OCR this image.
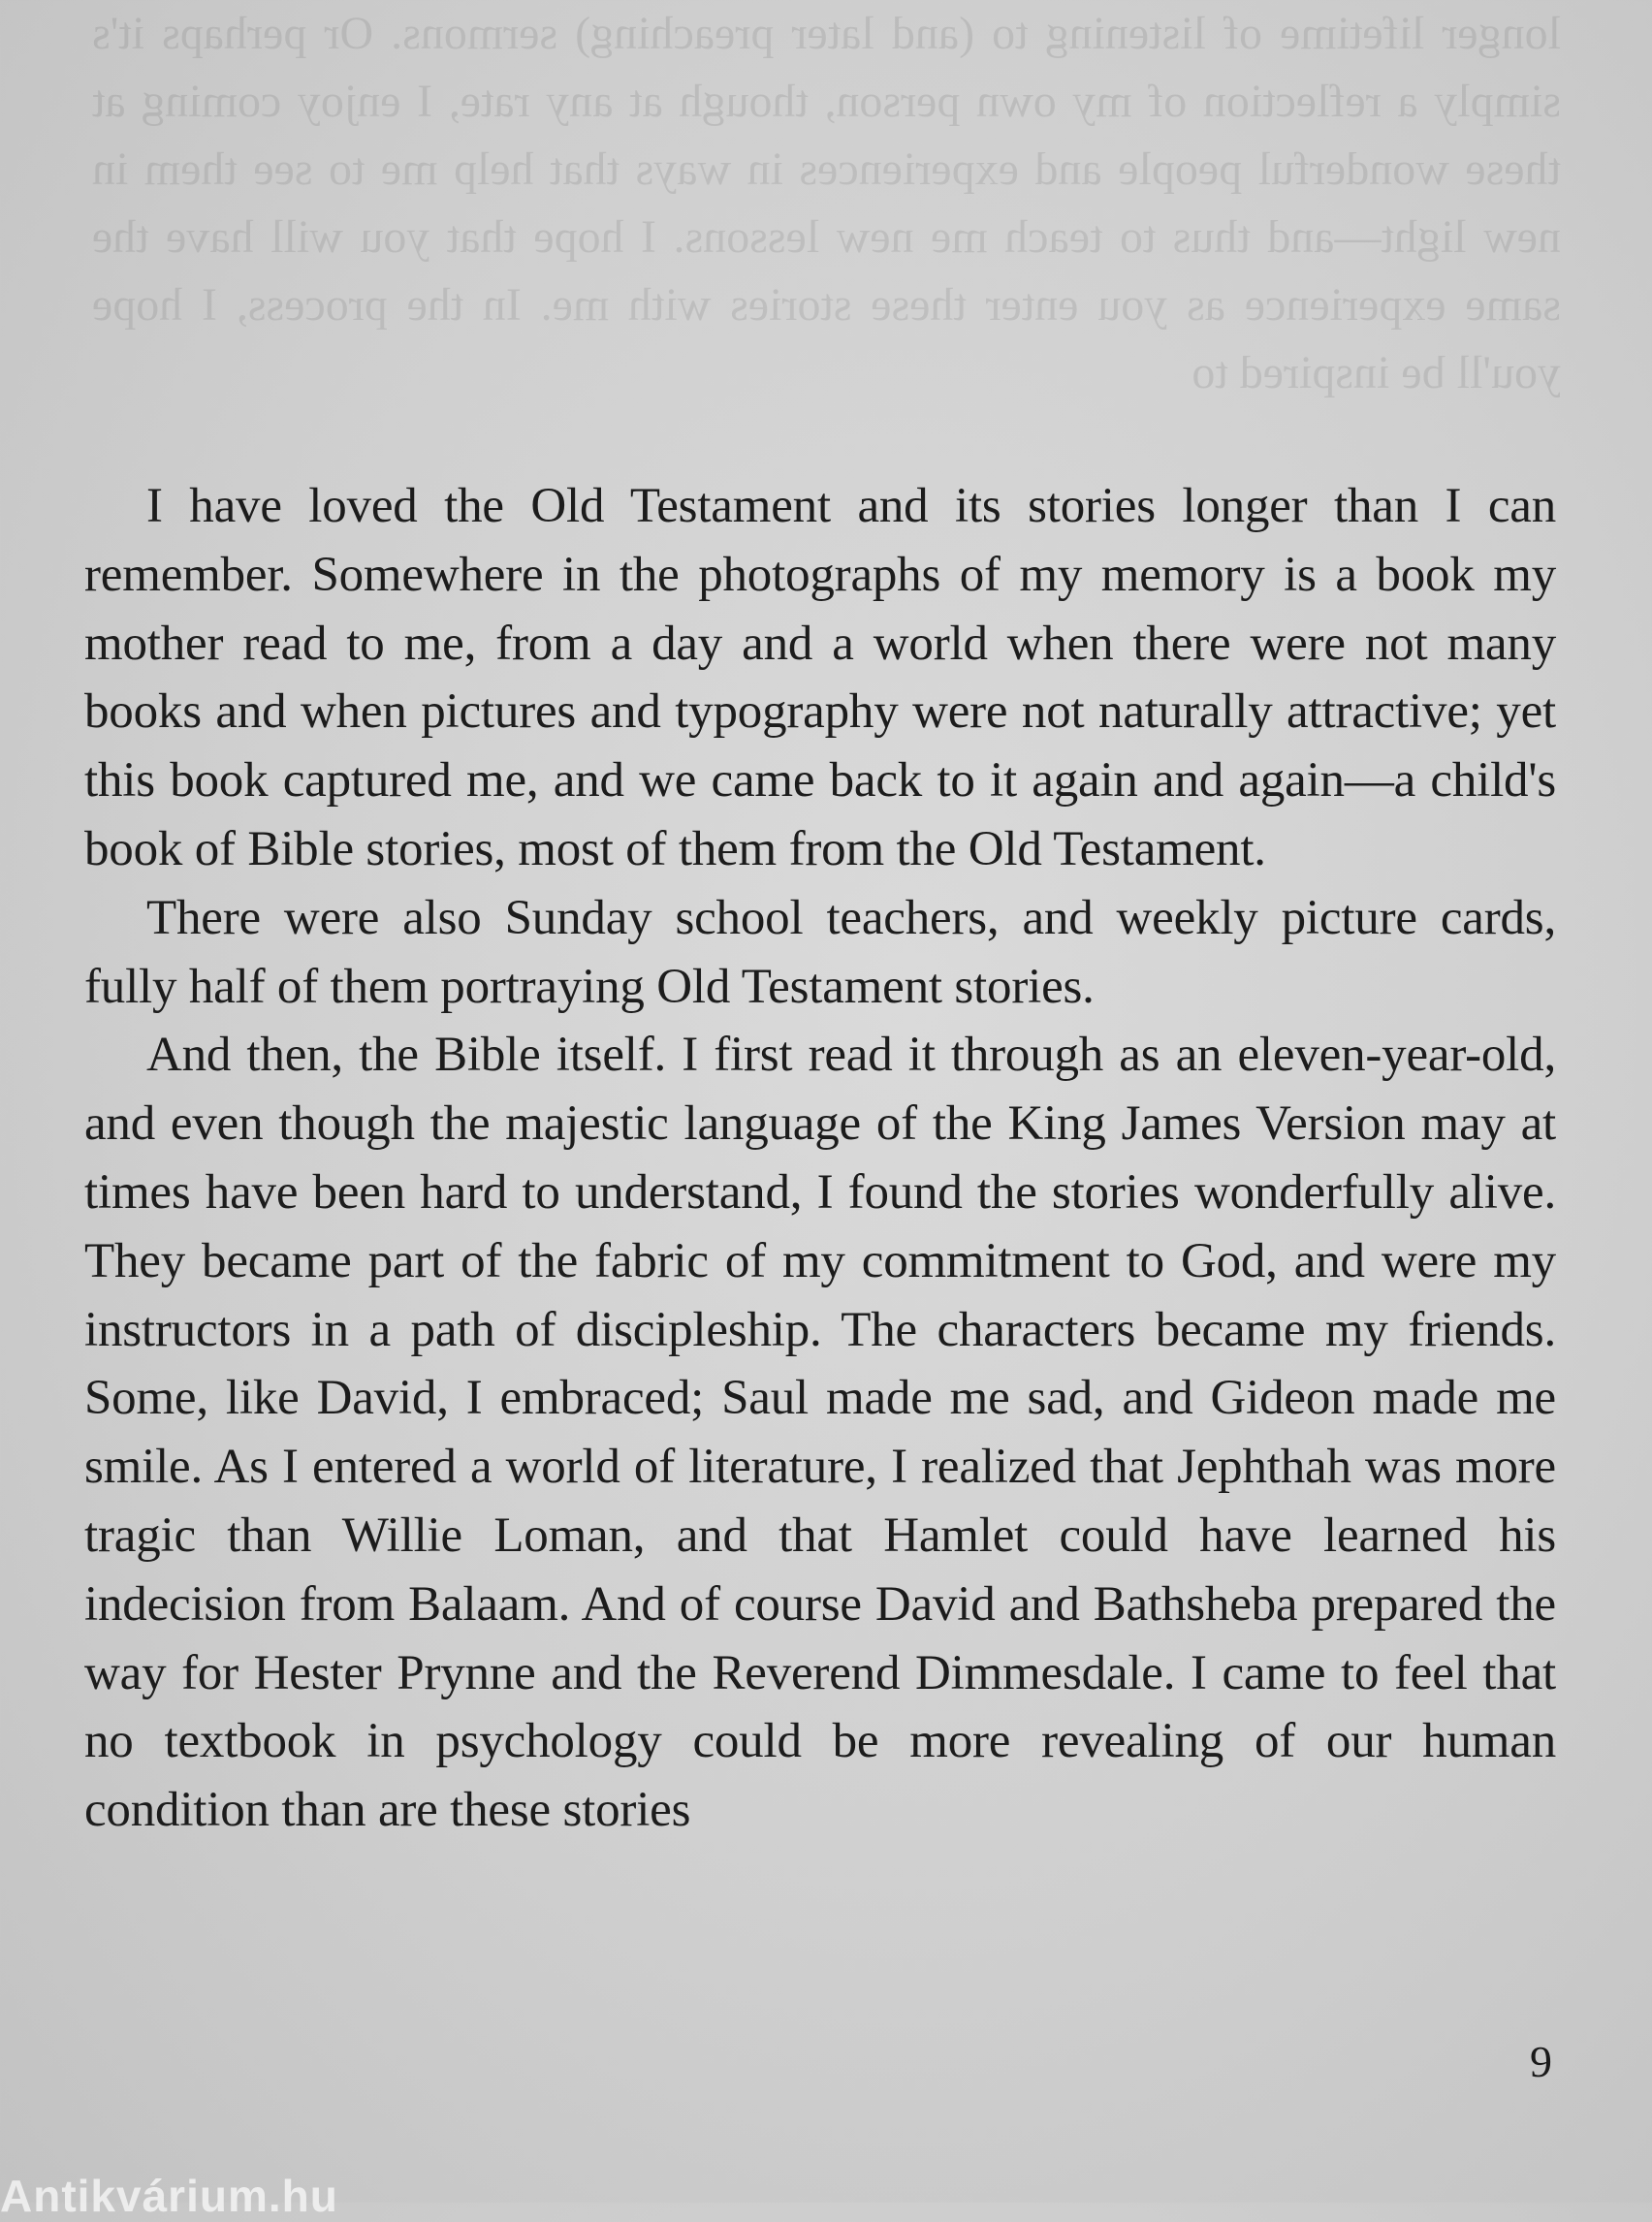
longer lifetime of listening to (and later preaching) sermons. Or perhaps it's simply a reflection of my own person, though at any rate, I enjoy coming at these wonderful people and experiences in ways that help me to see them in new light—and thus to teach me new lessons. I hope that you will have the same experience as you enter these stories with me. In the process, I hope you'll be inspired to

I have loved the Old Testament and its stories longer than I can remember. Somewhere in the photographs of my memory is a book my mother read to me, from a day and a world when there were not many books and when pictures and typography were not naturally attractive; yet this book captured me, and we came back to it again and again—a child's book of Bible stories, most of them from the Old Testament.

There were also Sunday school teachers, and weekly picture cards, fully half of them portraying Old Testament stories.

And then, the Bible itself. I first read it through as an eleven-year-old, and even though the majestic language of the King James Version may at times have been hard to understand, I found the stories wonderfully alive. They became part of the fabric of my commitment to God, and were my instructors in a path of discipleship. The characters became my friends. Some, like David, I embraced; Saul made me sad, and Gideon made me smile. As I entered a world of literature, I realized that Jephthah was more tragic than Willie Loman, and that Hamlet could have learned his indecision from Balaam. And of course David and Bathsheba prepared the way for Hester Prynne and the Reverend Dimmesdale. I came to feel that no textbook in psychology could be more revealing of our human condition than are these stories

9
Antikvárium.hu
